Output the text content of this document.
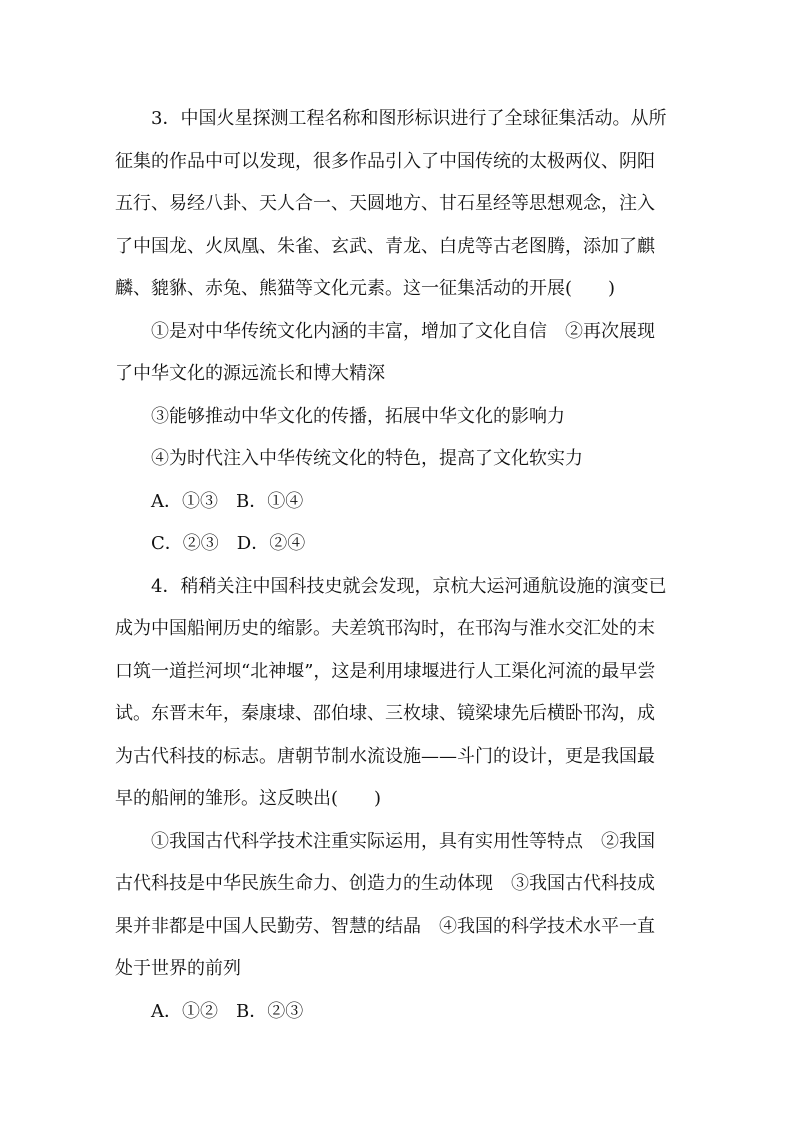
3．中国火星探测工程名称和图形标识进行了全球征集活动。从所
征集的作品中可以发现，很多作品引入了中国传统的太极两仪、阴阳
五行、易经八卦、天人合一、天圆地方、甘石星经等思想观念，注入
了中国龙、火凤凰、朱雀、玄武、青龙、白虎等古老图腾，添加了麒
麟、貔貅、赤兔、熊猫等文化元素。这一征集活动的开展(　　)
①是对中华传统文化内涵的丰富，增加了文化自信　②再次展现
了中华文化的源远流长和博大精深
③能够推动中华文化的传播，拓展中华文化的影响力
④为时代注入中华传统文化的特色，提高了文化软实力
A．①③　B．①④
C．②③　D．②④
4．稍稍关注中国科技史就会发现，京杭大运河通航设施的演变已
成为中国船闸历史的缩影。夫差筑邗沟时，在邗沟与淮水交汇处的末
口筑一道拦河坝“北神堰”，这是利用埭堰进行人工渠化河流的最早尝
试。东晋末年，秦康埭、邵伯埭、三枚埭、镜梁埭先后横卧邗沟，成
为古代科技的标志。唐朝节制水流设施——斗门的设计，更是我国最
早的船闸的雏形。这反映出(　　)
①我国古代科学技术注重实际运用，具有实用性等特点　②我国
古代科技是中华民族生命力、创造力的生动体现　③我国古代科技成
果并非都是中国人民勤劳、智慧的结晶　④我国的科学技术水平一直
处于世界的前列
A．①②　B．②③
